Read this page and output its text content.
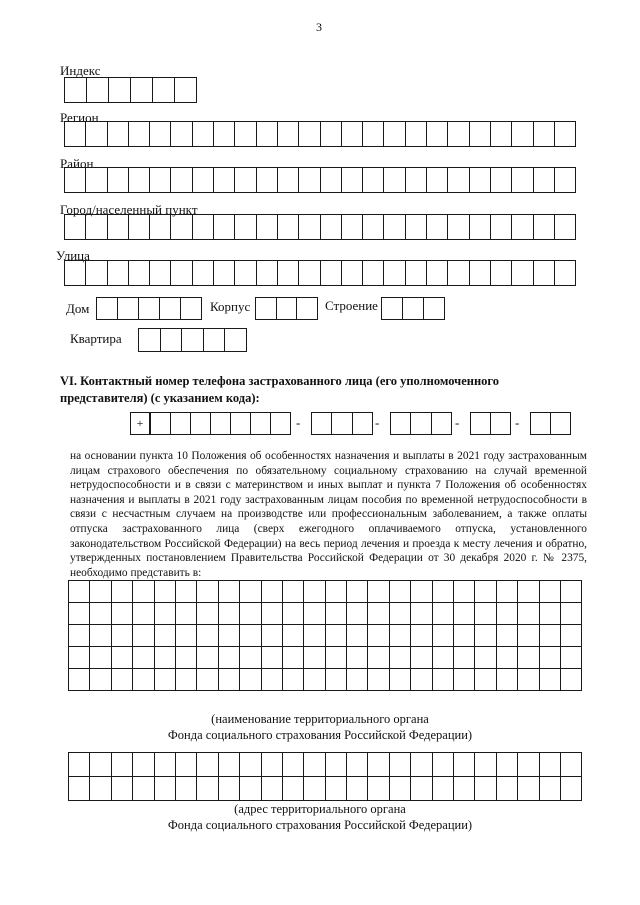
3
Индекс
Регион
Район
Город/населенный пункт
Улица
Дом	Корпус	Строение
Квартира
VI. Контактный номер телефона застрахованного лица (его уполномоченного представителя) (с указанием кода):
+	-	-	-	-
на основании пункта 10 Положения об особенностях назначения и выплаты в 2021 году застрахованным лицам страхового обеспечения по обязательному социальному страхованию на случай временной нетрудоспособности и в связи с материнством и иных выплат и пункта 7 Положения об особенностях назначения и выплаты в 2021 году застрахованным лицам пособия по временной нетрудоспособности в связи с несчастным случаем на производстве или профессиональным заболеванием, а также оплаты отпуска застрахованного лица (сверх ежегодного оплачиваемого отпуска, установленного законодательством Российской Федерации) на весь период лечения и проезда к месту лечения и обратно, утвержденных постановлением Правительства Российской Федерации от 30 декабря 2020 г. № 2375, необходимо представить в:
(наименование территориального органа
Фонда социального страхования Российской Федерации)
(адрес территориального органа
Фонда социального страхования Российской Федерации)
